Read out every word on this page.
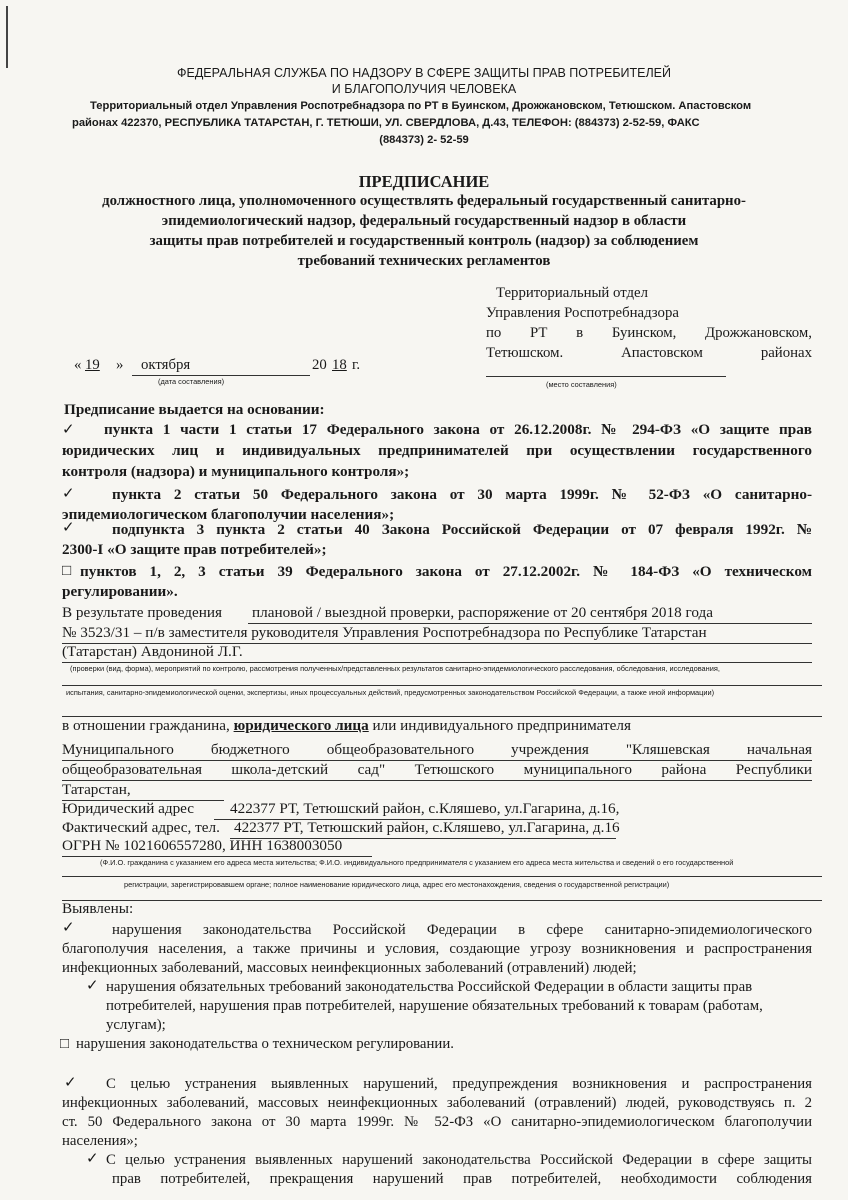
ФЕДЕРАЛЬНАЯ СЛУЖБА ПО НАДЗОРУ В СФЕРЕ ЗАЩИТЫ ПРАВ ПОТРЕБИТЕЛЕЙ
И БЛАГОПОЛУЧИЯ ЧЕЛОВЕКА
Территориальный отдел Управления Роспотребнадзора по РТ в Буинском, Дрожжановском, Тетюшском. Апастовском
районах 422370, РЕСПУБЛИКА ТАТАРСТАН, Г. ТЕТЮШИ, УЛ. СВЕРДЛОВА, Д.43, ТЕЛЕФОН: (884373) 2-52-59, ФАКС
(884373) 2- 52-59
ПРЕДПИСАНИЕ
должностного лица, уполномоченного осуществлять федеральный государственный санитарно-
эпидемиологический надзор, федеральный государственный надзор в области
защиты прав потребителей и государственный контроль (надзор) за соблюдением
требований технических регламентов
Территориальный отдел
Управления Роспотребнадзора
по РТ в Буинском, Дрожжановском,
Тетюшском. Апастовском районах
(место составления)
« 19 » октября	20 18 г.
(дата составления)
Предписание выдается на основании:
✓ пункта 1 части 1 статьи 17 Федерального закона от 26.12.2008г. № 294-ФЗ «О защите прав
юридических лиц и индивидуальных предпринимателей при осуществлении государственного
контроля (надзора) и муниципального контроля»;
✓ пункта 2 статьи 50 Федерального закона от 30 марта 1999г. № 52-ФЗ «О санитарно-
эпидемиологическом благополучии населения»;
✓ подпункта 3 пункта 2 статьи 40 Закона Российской Федерации от 07 февраля 1992г. №
2300-I «О защите прав потребителей»;
□ пунктов 1, 2, 3 статьи 39 Федерального закона от 27.12.2002г. № 184-ФЗ «О техническом
регулировании».
В результате проведения плановой / выездной проверки, распоряжение от 20 сентября 2018 года
№ 3523/31 – п/в заместителя руководителя Управления Роспотребнадзора по Республике Татарстан
(Татарстан) Авдониной Л.Г.
(проверки (вид, форма), мероприятий по контролю, рассмотрения полученных/представленных результатов санитарно-эпидемиологического расследования, обследования, исследования,
испытания, санитарно-эпидемиологической оценки, экспертизы, иных процессуальных действий, предусмотренных законодательством Российской Федерации, а также иной информации)
в отношении гражданина, юридического лица или индивидуального предпринимателя
Муниципального бюджетного общеобразовательного учреждения "Кляшевская начальная
общеобразовательная школа-детский сад" Тетюшского муниципального района Республики
Татарстан,
Юридический адрес 422377 РТ, Тетюшский район, с.Кляшево, ул.Гагарина, д.16,
Фактический адрес, тел. 422377 РТ, Тетюшский район, с.Кляшево, ул.Гагарина, д.16
ОГРН № 1021606557280, ИНН 1638003050
(Ф.И.О. гражданина с указанием его адреса места жительства; Ф.И.О. индивидуального предпринимателя с указанием его адреса места жительства и сведений о его государственной
регистрации, зарегистрировавшем органе; полное наименование юридического лица, адрес его местонахождения, сведения о государственной регистрации)
Выявлены:
✓	нарушения законодательства Российской Федерации в сфере санитарно-эпидемиологического
благополучия населения, а также причины и условия, создающие угрозу возникновения и распространения
инфекционных заболеваний, массовых неинфекционных заболеваний (отравлений) людей;
✓ нарушения обязательных требований законодательства Российской Федерации в области защиты прав
потребителей, нарушения прав потребителей, нарушение обязательных требований к товарам (работам,
услугам);
□ нарушения законодательства о техническом регулировании.
✓ С целью устранения выявленных нарушений, предупреждения возникновения и распространения
инфекционных заболеваний, массовых неинфекционных заболеваний (отравлений) людей, руководствуясь п. 2
ст. 50 Федерального закона от 30 марта 1999г. № 52-ФЗ «О санитарно-эпидемиологическом благополучии
населения»;
✓ С целью устранения выявленных нарушений законодательства Российской Федерации в сфере защиты
прав потребителей, прекращения нарушений прав потребителей, необходимости соблюдения
